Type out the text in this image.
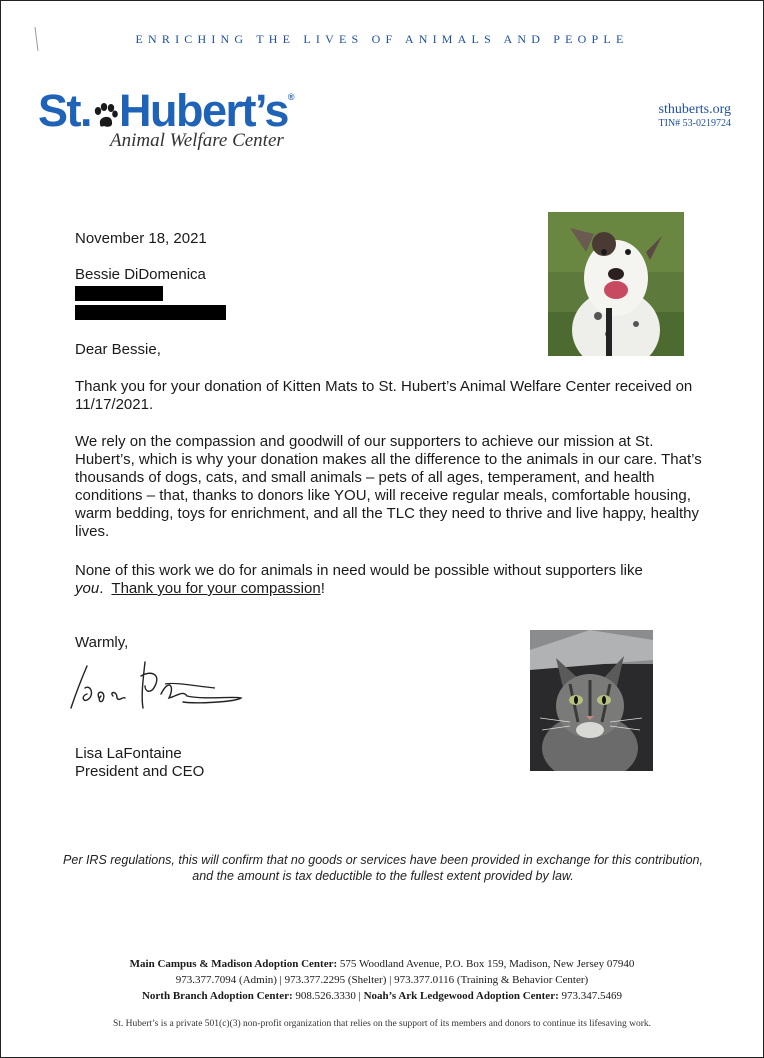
ENRICHING THE LIVES OF ANIMALS AND PEOPLE
St. Hubert’s®
Animal Welfare Center
sthuberts.org
TIN# 53-0219724
November 18, 2021
Bessie DiDomenica
Dear Bessie,
Thank you for your donation of Kitten Mats to St. Hubert’s Animal Welfare Center received on 11/17/2021.
We rely on the compassion and goodwill of our supporters to achieve our mission at St. Hubert’s, which is why your donation makes all the difference to the animals in our care. That’s thousands of dogs, cats, and small animals – pets of all ages, temperament, and health conditions – that, thanks to donors like YOU, will receive regular meals, comfortable housing, warm bedding, toys for enrichment, and all the TLC they need to thrive and live happy, healthy lives.
None of this work we do for animals in need would be possible without supporters like you.  Thank you for your compassion!
Warmly,
Lisa LaFontaine
President and CEO
Per IRS regulations, this will confirm that no goods or services have been provided in exchange for this contribution, and the amount is tax deductible to the fullest extent provided by law.
Main Campus & Madison Adoption Center: 575 Woodland Avenue, P.O. Box 159, Madison, New Jersey 07940
973.377.7094 (Admin) | 973.377.2295 (Shelter) | 973.377.0116 (Training & Behavior Center)
North Branch Adoption Center: 908.526.3330 | Noah’s Ark Ledgewood Adoption Center: 973.347.5469
St. Hubert’s is a private 501(c)(3) non-profit organization that relies on the support of its members and donors to continue its lifesaving work.
